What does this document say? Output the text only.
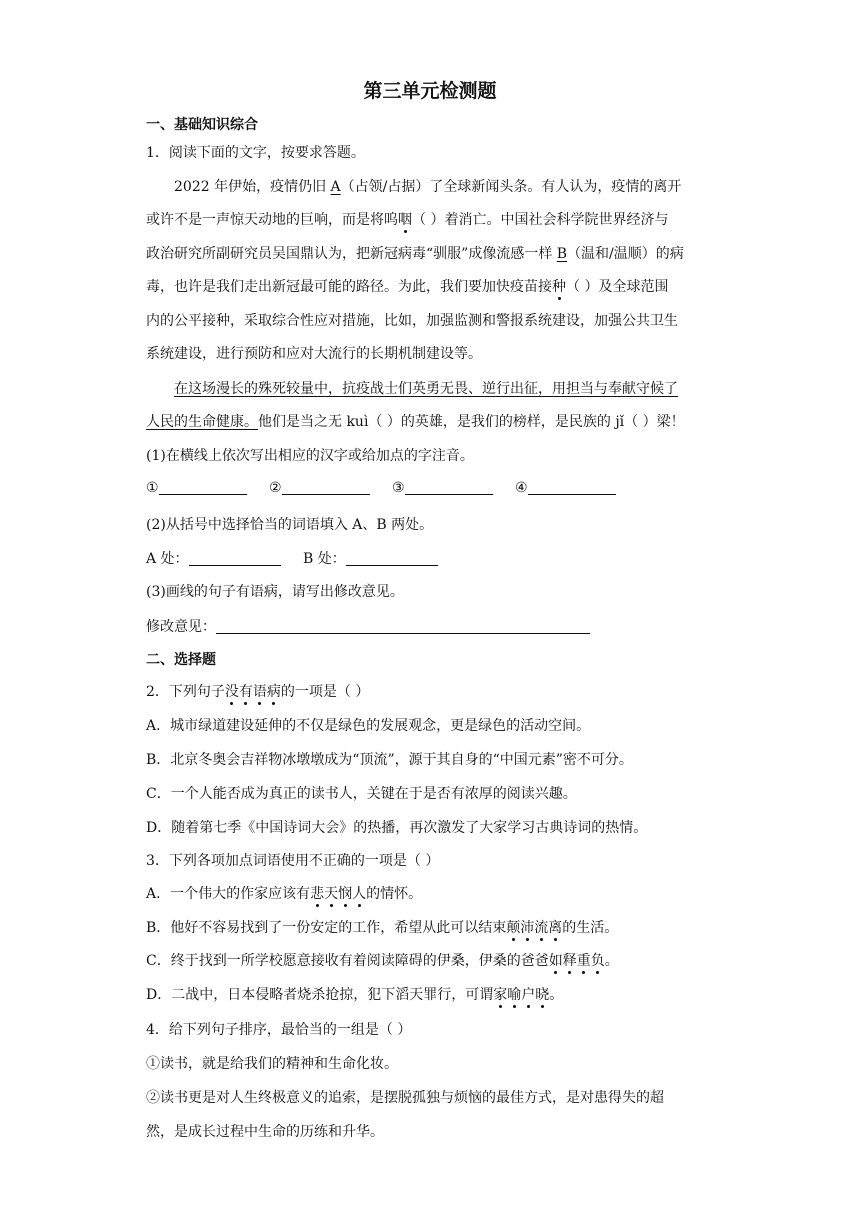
第三单元检测题
一、基础知识综合
1．阅读下面的文字，按要求答题。
2022 年伊始，疫情仍旧 A（占领/占据）了全球新闻头条。有人认为，疫情的离开
或许不是一声惊天动地的巨响，而是将呜咽（ ）着消亡。中国社会科学院世界经济与
政治研究所副研究员吴国鼎认为，把新冠病毒“驯服”成像流感一样 B（温和/温顺）的病
毒，也许是我们走出新冠最可能的路径。为此，我们要加快疫苗接种（ ）及全球范围
内的公平接种，采取综合性应对措施，比如，加强监测和警报系统建设，加强公共卫生
系统建设，进行预防和应对大流行的长期机制建设等。
在这场漫长的殊死较量中，抗疫战士们英勇无畏、逆行出征，用担当与奉献守候了
人民的生命健康。他们是当之无 kuì（ ）的英雄，是我们的榜样，是民族的 jǐ（ ）梁！
(1)在横线上依次写出相应的汉字或给加点的字注音。
①	②	③	④
(2)从括号中选择恰当的词语填入 A、B 两处。
A 处：	B 处：
(3)画线的句子有语病，请写出修改意见。
修改意见：
二、选择题
2．下列句子没有语病的一项是（ ）
A．城市绿道建设延伸的不仅是绿色的发展观念，更是绿色的活动空间。
B．北京冬奥会吉祥物冰墩墩成为“顶流”，源于其自身的“中国元素”密不可分。
C．一个人能否成为真正的读书人，关键在于是否有浓厚的阅读兴趣。
D．随着第七季《中国诗词大会》的热播，再次激发了大家学习古典诗词的热情。
3．下列各项加点词语使用不正确的一项是（ ）
A．一个伟大的作家应该有悲天悯人的情怀。
B．他好不容易找到了一份安定的工作，希望从此可以结束颠沛流离的生活。
C．终于找到一所学校愿意接收有着阅读障碍的伊桑，伊桑的爸爸如释重负。
D．二战中，日本侵略者烧杀抢掠，犯下滔天罪行，可谓家喻户晓。
4．给下列句子排序，最恰当的一组是（ ）
①读书，就是给我们的精神和生命化妆。
②读书更是对人生终极意义的追索，是摆脱孤独与烦恼的最佳方式，是对患得失的超
然，是成长过程中生命的历练和升华。
